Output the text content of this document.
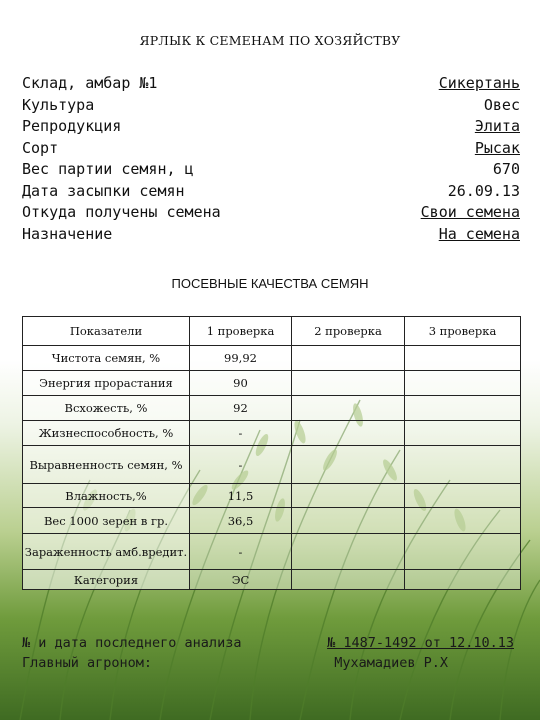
ЯРЛЫК К СЕМЕНАМ ПО ХОЗЯЙСТВУ
Склад, амбар №1	Сикертань
Культура	Овес
Репродукция	Элита
Сорт	Рысак
Вес партии семян, ц	670
Дата засыпки семян	26.09.13
Откуда получены семена	Свои семена
Назначение	На семена
ПОСЕВНЫЕ КАЧЕСТВА СЕМЯН
Показатели	1 проверка	2 проверка	3 проверка
Чистота семян, %	99,92		
Энергия прорастания	90		
Всхожесть, %	92		
Жизнеспособность, %	-		
Выравненность семян, %	-		
Влажность,%	11,5		
Вес 1000 зерен в гр.	36,5		
Зараженность амб.вредит.	-		
Категория	ЭС		
№ и дата последнего анализа	№ 1487-1492 от 12.10.13
Главный агроном:	Мухамадиев Р.Х
